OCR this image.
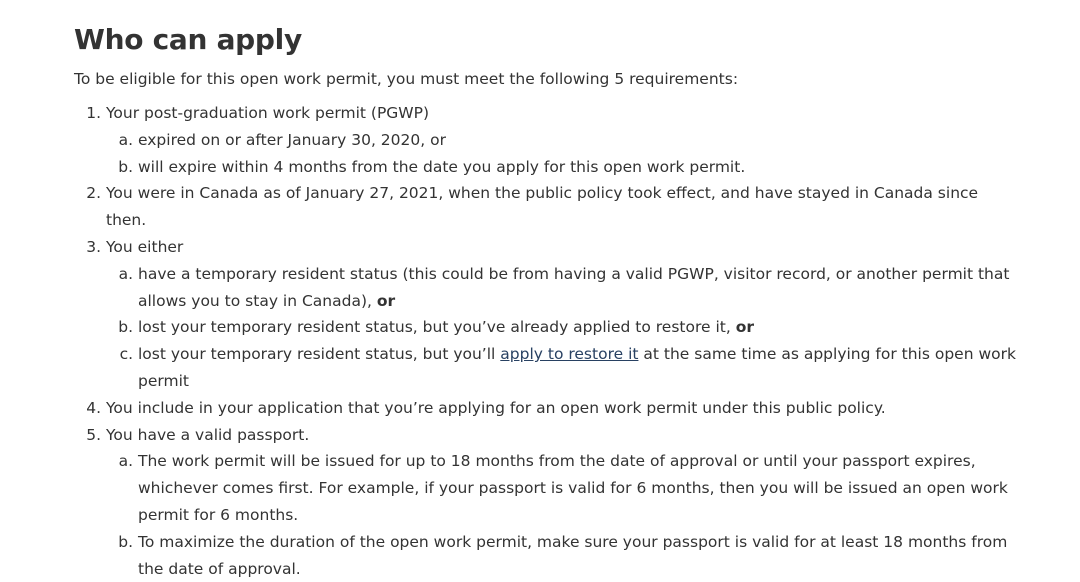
Who can apply

To be eligible for this open work permit, you must meet the following 5 requirements:

1. Your post-graduation work permit (PGWP)
a. expired on or after January 30, 2020, or
b. will expire within 4 months from the date you apply for this open work permit.
2. You were in Canada as of January 27, 2021, when the public policy took effect, and have stayed in Canada since then.
3. You either
a. have a temporary resident status (this could be from having a valid PGWP, visitor record, or another permit that allows you to stay in Canada), or
b. lost your temporary resident status, but you’ve already applied to restore it, or
c. lost your temporary resident status, but you’ll apply to restore it at the same time as applying for this open work permit
4. You include in your application that you’re applying for an open work permit under this public policy.
5. You have a valid passport.
a. The work permit will be issued for up to 18 months from the date of approval or until your passport expires, whichever comes first. For example, if your passport is valid for 6 months, then you will be issued an open work permit for 6 months.
b. To maximize the duration of the open work permit, make sure your passport is valid for at least 18 months from the date of approval.
